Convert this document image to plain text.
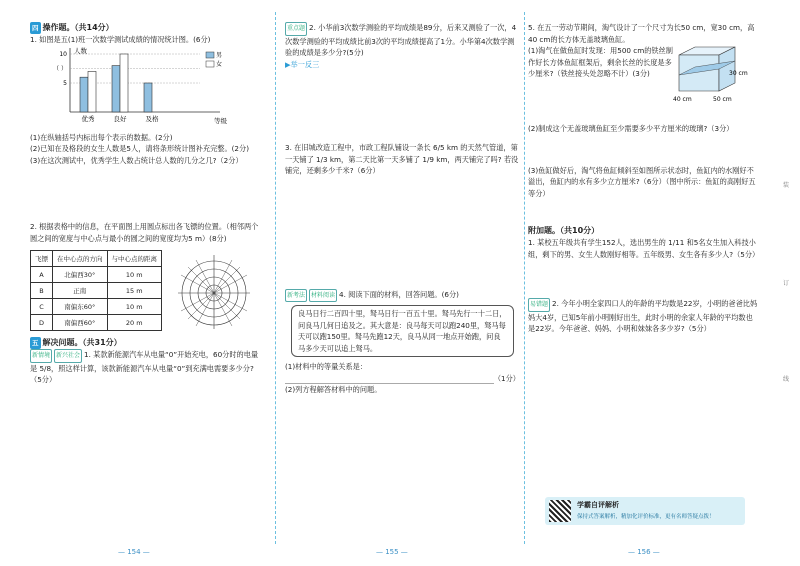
四 操作题。（共14分）

1. 如图是五(1)班一次数学测试成绩的情况统计图。(6分)

人数
等级
10
（ ）
5
优秀	良好	及格
男
女

(1)在纵轴括号内标出每个表示的数据。(2分)

(2)已知在及格段的女生人数是5人，请将条形统计图补充完整。(2分)

(3)在这次测试中，优秀学生人数占统计总人数的几分之几?（2分）

2. 根据表格中的信息，在平面图上用圆点标出各飞镖的位置。（相邻两个圆之间的宽度与中心点与最小的圆之间的宽度均为5 m）(8分)

飞镖	在中心点的方向	与中心点的距离
A	北偏西30°	10 m
B	正南	15 m
C	南偏东60°	10 m
D	南偏西60°	20 m

五 解决问题。（共31分）

新情境 新兴社会 1. 某款新能源汽车从电量“0”开始充电，60分时的电量是 5/8，照这样计算，该款新能源汽车从电量“0”到充满电需要多少分?（5分）

— 154 —

重点题 2. 小华前3次数学测验的平均成绩是89分，后来又测验了一次，4次数学测验的平均成绩比前3次的平均成绩提高了1分。小华第4次数学测验的成绩是多少分?(5分)

▶举一反三

3. 在旧城改造工程中，市政工程队铺设一条长 6/5 km 的天然气管道，第一天铺了 1/3 km，第二天比第一天多铺了 1/9 km，两天铺完了吗? 若没铺完，还剩多少千米?（6分）

新考法 材料阅读 4. 阅读下面的材料，回答问题。(6分)

良马日行二百四十里，驽马日行一百五十里。驽马先行一十二日，问良马几何日追及之。其大意是：良马每天可以跑240里，驽马每天可以跑150里。驽马先跑12天，良马从同一地点开始跑，问良马多少天可以追上驽马。

(1)材料中的等量关系是：

（1分）

(2)列方程解答材料中的问题。

— 155 —

5. 在五一劳动节期间，淘气设计了一个尺寸为长50 cm，宽30 cm，高40 cm的长方体无盖玻璃鱼缸。

(1)淘气在做鱼缸时发现：用500 cm的铁丝制作好长方体鱼缸框架后，剩余长丝的长度是多少厘米?（铁丝接头处忽略不计）(3分)	30 cm
40 cm	50 cm

(2)制成这个无盖玻璃鱼缸至少需要多少平方厘米的玻璃?（3分）

(3)鱼缸做好后，淘气将鱼缸倾斜至如图所示状态时，鱼缸内的水刚好不溢出，鱼缸内的水有多少立方厘米?（6分）（图中所示：鱼缸的高刚好五等分）

附加题。（共10分）

1. 某校五年级共有学生152人，选出男生的 1/11 和5名女生加入科技小组，剩下的男、女生人数刚好相等。五年级男、女生各有多少人?（5分）

易错题 2. 今年小明全家四口人的年龄的平均数是22岁，小明的爸爸比妈妈大4岁，已知5年前小明刚好出生，此时小明的余家人年龄的平均数也是22岁。今年爸爸、妈妈、小明和妹妹各多少岁?（5分）

学霸自评解析
保持式答案解析，精加化评价标准，更有名师答疑点拨！
— 156 —
装
订
线
